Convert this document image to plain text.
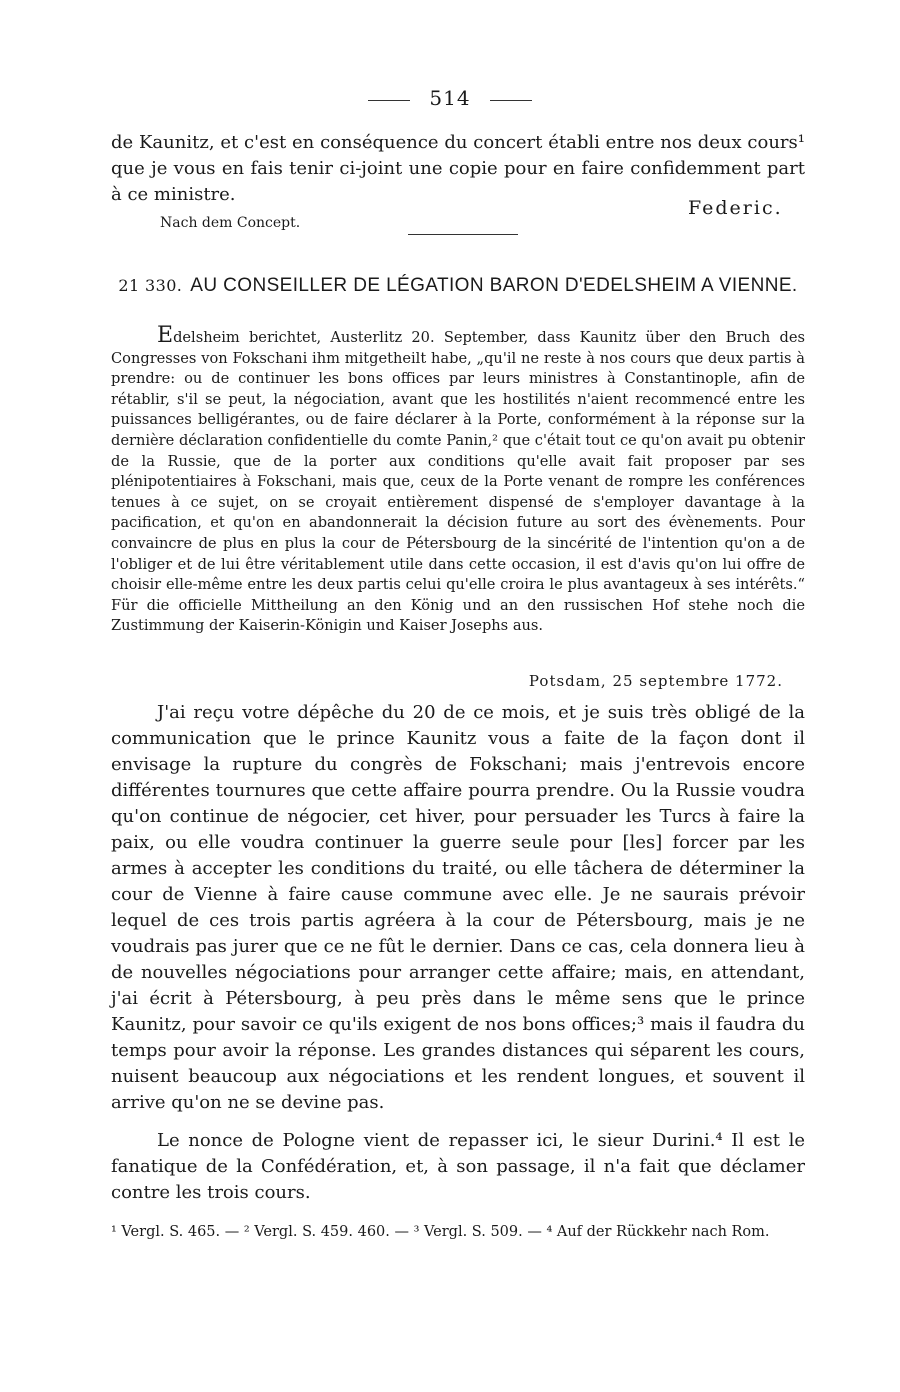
514
de Kaunitz, et c'est en conséquence du concert établi entre nos deux cours¹ que je vous en fais tenir ci-joint une copie pour en faire confidemment part à ce ministre.
Federic.
Nach dem Concept.
21 330. AU CONSEILLER DE LÉGATION BARON D'EDELSHEIM A VIENNE.
Edelsheim berichtet, Austerlitz 20. September, dass Kaunitz über den Bruch des Congresses von Fokschani ihm mitgetheilt habe, „qu'il ne reste à nos cours que deux partis à prendre: ou de continuer les bons offices par leurs ministres à Constantinople, afin de rétablir, s'il se peut, la négociation, avant que les hostilités n'aient recommencé entre les puissances belligérantes, ou de faire déclarer à la Porte, conformément à la réponse sur la dernière déclaration confidentielle du comte Panin,² que c'était tout ce qu'on avait pu obtenir de la Russie, que de la porter aux conditions qu'elle avait fait proposer par ses plénipotentiaires à Fokschani, mais que, ceux de la Porte venant de rompre les conférences tenues à ce sujet, on se croyait entièrement dispensé de s'employer davantage à la pacification, et qu'on en abandonnerait la décision future au sort des évènements. Pour convaincre de plus en plus la cour de Pétersbourg de la sincérité de l'intention qu'on a de l'obliger et de lui être véritablement utile dans cette occasion, il est d'avis qu'on lui offre de choisir elle-même entre les deux partis celui qu'elle croira le plus avantageux à ses intérêts.“ Für die officielle Mittheilung an den König und an den russischen Hof stehe noch die Zustimmung der Kaiserin-Königin und Kaiser Josephs aus.
Potsdam, 25 septembre 1772.
J'ai reçu votre dépêche du 20 de ce mois, et je suis très obligé de la communication que le prince Kaunitz vous a faite de la façon dont il envisage la rupture du congrès de Fokschani; mais j'entrevois encore différentes tournures que cette affaire pourra prendre. Ou la Russie voudra qu'on continue de négocier, cet hiver, pour persuader les Turcs à faire la paix, ou elle voudra continuer la guerre seule pour [les] forcer par les armes à accepter les conditions du traité, ou elle tâchera de déterminer la cour de Vienne à faire cause commune avec elle. Je ne saurais prévoir lequel de ces trois partis agréera à la cour de Pétersbourg, mais je ne voudrais pas jurer que ce ne fût le dernier. Dans ce cas, cela donnera lieu à de nouvelles négociations pour arranger cette affaire; mais, en attendant, j'ai écrit à Pétersbourg, à peu près dans le même sens que le prince Kaunitz, pour savoir ce qu'ils exigent de nos bons offices;³ mais il faudra du temps pour avoir la réponse. Les grandes distances qui séparent les cours, nuisent beaucoup aux négociations et les rendent longues, et souvent il arrive qu'on ne se devine pas.
Le nonce de Pologne vient de repasser ici, le sieur Durini.⁴ Il est le fanatique de la Confédération, et, à son passage, il n'a fait que déclamer contre les trois cours.
¹ Vergl. S. 465. — ² Vergl. S. 459. 460. — ³ Vergl. S. 509. — ⁴ Auf der Rückkehr nach Rom.
